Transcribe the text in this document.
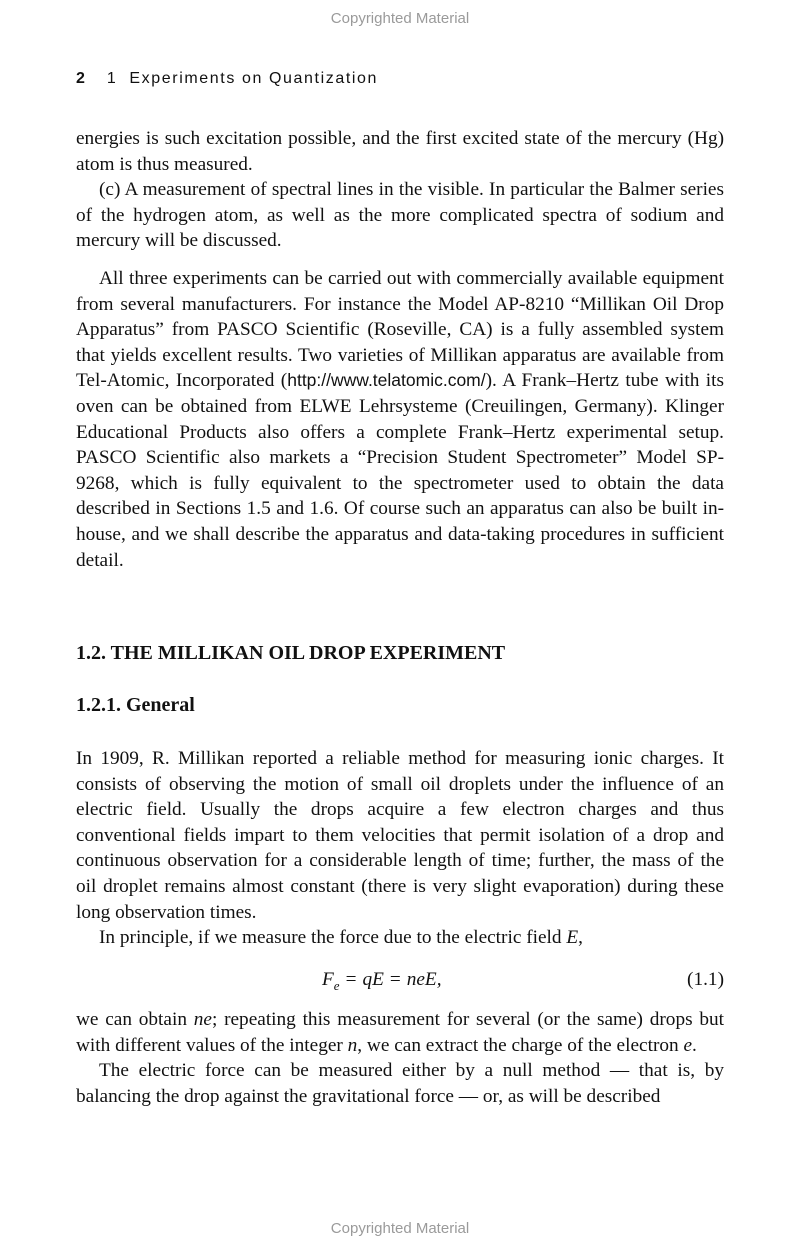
Copyrighted Material
2 1 Experiments on Quantization

energies is such excitation possible, and the first excited state of the mercury (Hg) atom is thus measured.

(c) A measurement of spectral lines in the visible. In particular the Balmer series of the hydrogen atom, as well as the more complicated spectra of sodium and mercury will be discussed.

All three experiments can be carried out with commercially available equipment from several manufacturers. For instance the Model AP-8210 “Millikan Oil Drop Apparatus” from PASCO Scientific (Roseville, CA) is a fully assembled system that yields excellent results. Two varieties of Millikan apparatus are available from Tel-Atomic, Incorporated (http://www.telatomic.com/). A Frank–Hertz tube with its oven can be obtained from ELWE Lehrsysteme (Creuilingen, Germany). Klinger Educational Products also offers a complete Frank–Hertz experimental setup. PASCO Scientific also markets a “Precision Student Spectrometer” Model SP-9268, which is fully equivalent to the spectrometer used to obtain the data described in Sections 1.5 and 1.6. Of course such an apparatus can also be built in-house, and we shall describe the apparatus and data-taking procedures in sufficient detail.

1.2. THE MILLIKAN OIL DROP EXPERIMENT
1.2.1. General

In 1909, R. Millikan reported a reliable method for measuring ionic charges. It consists of observing the motion of small oil droplets under the influence of an electric field. Usually the drops acquire a few electron charges and thus conventional fields impart to them velocities that permit isolation of a drop and continuous observation for a considerable length of time; further, the mass of the oil droplet remains almost constant (there is very slight evaporation) during these long observation times.

In principle, if we measure the force due to the electric field E,

$F_e$ = qE = neE,	(1.1)

we can obtain ne; repeating this measurement for several (or the same) drops but with different values of the integer n, we can extract the charge of the electron e.

The electric force can be measured either by a null method — that is, by balancing the drop against the gravitational force — or, as will be described

Copyrighted Material
